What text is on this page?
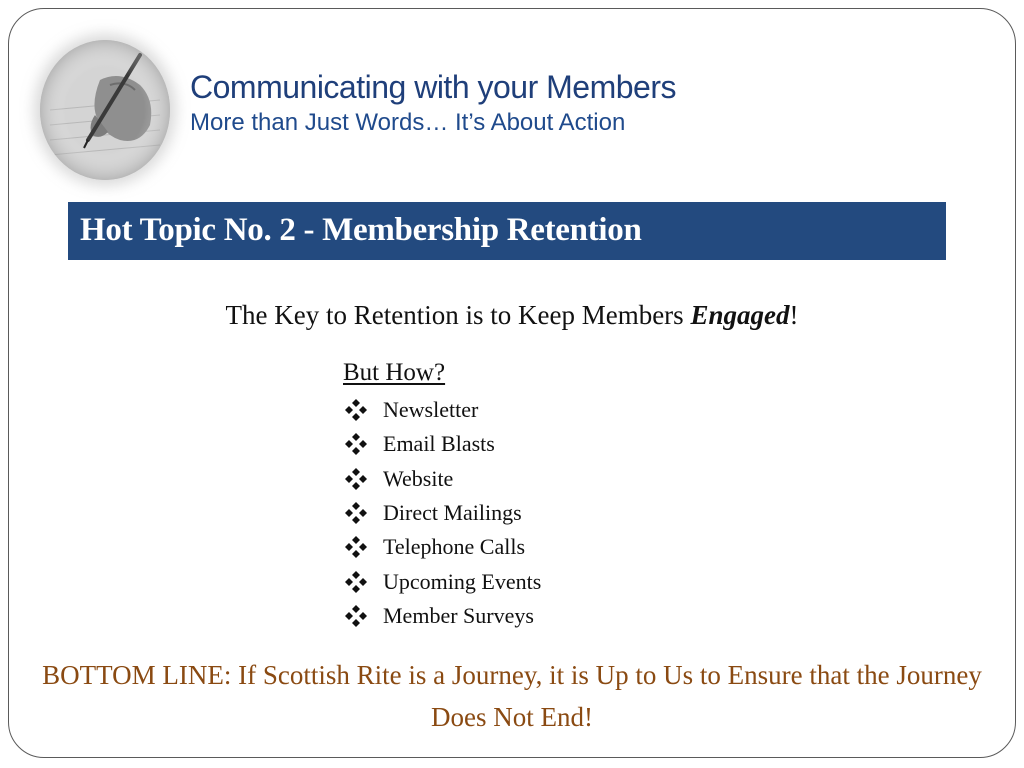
Communicating with your Members
More than Just Words… It’s About Action
Hot Topic No. 2 - Membership Retention
The Key to Retention is to Keep Members Engaged!
But How?
Newsletter
Email Blasts
Website
Direct Mailings
Telephone Calls
Upcoming Events
Member Surveys
BOTTOM LINE: If Scottish Rite is a Journey, it is Up to Us to Ensure that the Journey Does Not End!
